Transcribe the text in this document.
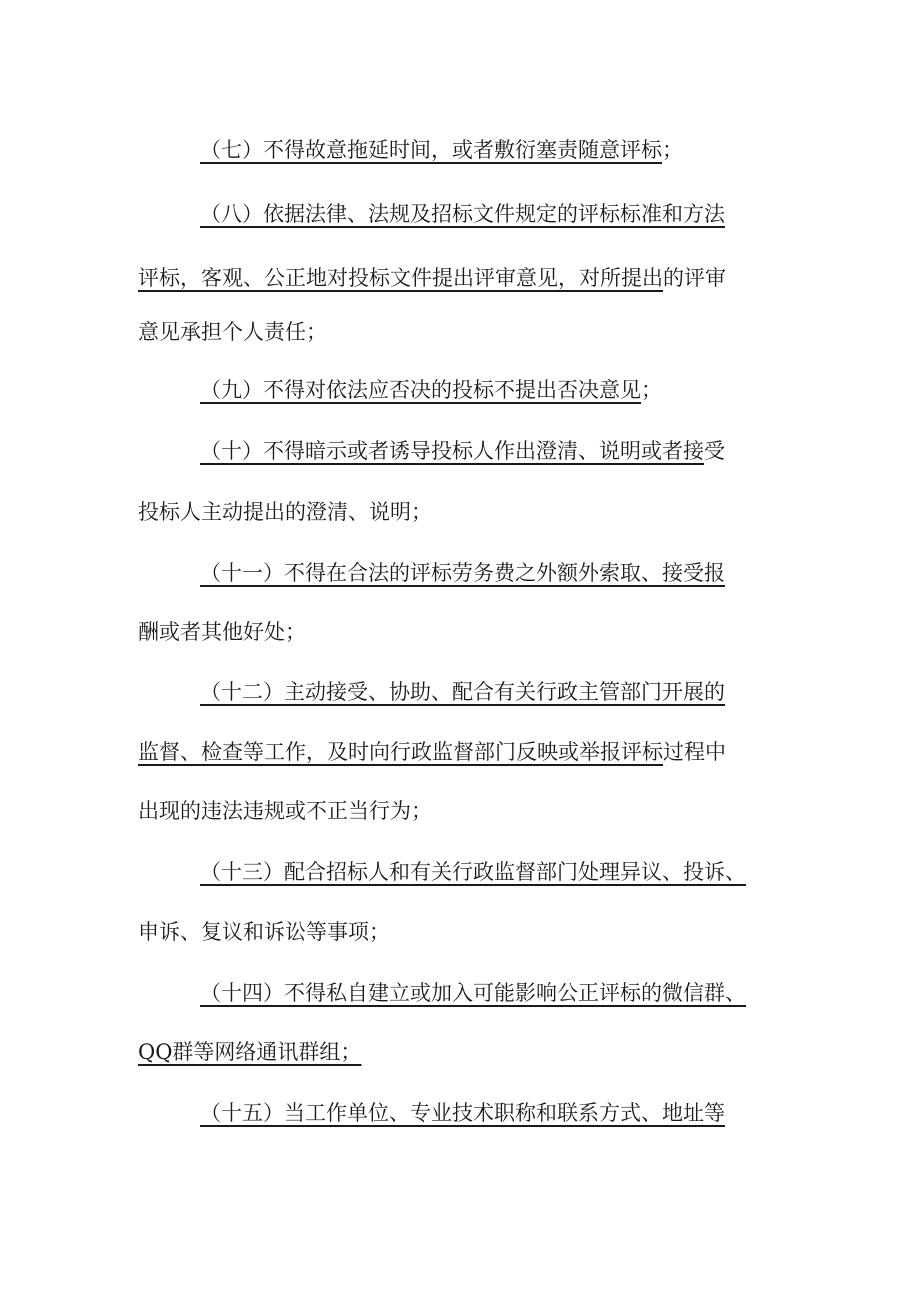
（七）不得故意拖延时间，或者敷衍塞责随意评标；
（八）依据法律、法规及招标文件规定的评标标准和方法
评标，客观、公正地对投标文件提出评审意见，对所提出的评审
意见承担个人责任；
（九）不得对依法应否决的投标不提出否决意见；
（十）不得暗示或者诱导投标人作出澄清、说明或者接受
投标人主动提出的澄清、说明；
（十一）不得在合法的评标劳务费之外额外索取、接受报
酬或者其他好处；
（十二）主动接受、协助、配合有关行政主管部门开展的
监督、检查等工作，及时向行政监督部门反映或举报评标过程中
出现的违法违规或不正当行为；
（十三）配合招标人和有关行政监督部门处理异议、投诉、
申诉、复议和诉讼等事项；
（十四）不得私自建立或加入可能影响公正评标的微信群、
QQ群等网络通讯群组；
（十五）当工作单位、专业技术职称和联系方式、地址等
